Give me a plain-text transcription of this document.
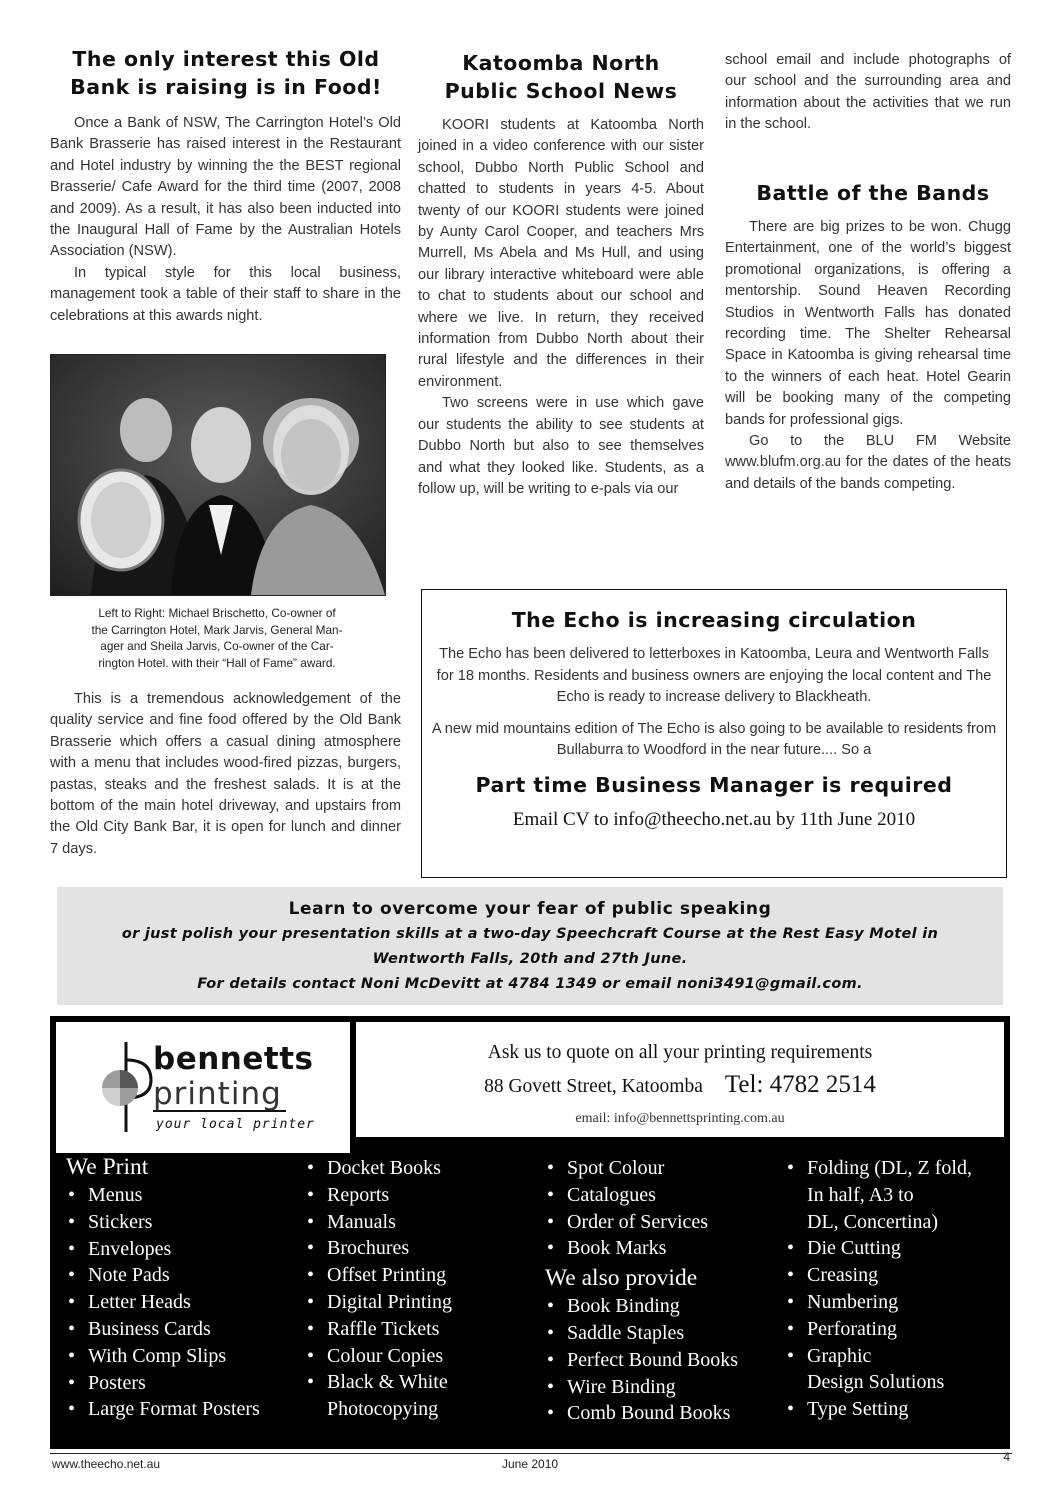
The only interest this Old
Bank is raising is in Food!

Once a Bank of NSW, The Carrington Hotel’s Old Bank Brasserie has raised interest in the Restaurant and Hotel industry by winning the the BEST regional Brasserie/ Cafe Award for the third time (2007, 2008 and 2009). As a result, it has also been inducted into the Inaugural Hall of Fame by the Australian Hotels Association (NSW).

In typical style for this local business, management took a table of their staff to share in the celebrations at this awards night.

Left to Right: Michael Brischetto, Co-owner of
the Carrington Hotel, Mark Jarvis, General Man-
ager and Sheila Jarvis, Co-owner of the Car-
rington Hotel. with their “Hall of Fame” award.

This is a tremendous acknowledgement of the quality service and fine food offered by the Old Bank Brasserie which offers a casual dining atmosphere with a menu that includes wood-fired pizzas, burgers, pastas, steaks and the freshest salads. It is at the bottom of the main hotel driveway, and upstairs from the Old City Bank Bar, it is open for lunch and dinner 7 days.

Katoomba North
Public School News

KOORI students at Katoomba North joined in a video conference with our sister school, Dubbo North Public School and chatted to students in years 4-5. About twenty of our KOORI students were joined by Aunty Carol Cooper, and teachers Mrs Murrell, Ms Abela and Ms Hull, and using our library interactive whiteboard were able to chat to students about our school and where we live. In return, they received information from Dubbo North about their rural lifestyle and the differences in their environment.

Two screens were in use which gave our students the ability to see students at Dubbo North but also to see themselves and what they looked like. Students, as a follow up, will be writing to e-pals via our

school email and include photographs of our school and the surrounding area and information about the activities that we run in the school.

Battle of the Bands

There are big prizes to be won. Chugg Entertainment, one of the world’s biggest promotional organizations, is offering a mentorship. Sound Heaven Recording Studios in Wentworth Falls has donated recording time. The Shelter Rehearsal Space in Katoomba is giving rehearsal time to the winners of each heat. Hotel Gearin will be booking many of the competing bands for professional gigs.

Go to the BLU FM Website www.blufm.org.au for the dates of the heats and details of the bands competing.

The Echo is increasing circulation

The Echo has been delivered to letterboxes in Katoomba, Leura and Wentworth Falls for 18 months. Residents and business owners are enjoying the local content and The Echo is ready to increase delivery to Blackheath.

A new mid mountains edition of The Echo is also going to be available to residents from Bullaburra to Woodford in the near future.... So a

Part time Business Manager is required
Email CV to info@theecho.net.au by 11th June 2010
Learn to overcome your fear of public speaking
or just polish your presentation skills at a two-day Speechcraft Course at the Rest Easy Motel in
Wentworth Falls, 20th and 27th June.
For details contact Noni McDevitt at 4784 1349 or email noni3491@gmail.com.
bennetts
printing
your local printer
Ask us to quote on all your printing requirements
88 Govett Street, Katoomba Tel: 4782 2514
email: info@bennettsprinting.com.au
We Print
• Menus
• Stickers
• Envelopes
• Note Pads
• Letter Heads
• Business Cards
• With Comp Slips
• Posters
• Large Format Posters
• Docket Books
• Reports
• Manuals
• Brochures
• Offset Printing
• Digital Printing
• Raffle Tickets
• Colour Copies
• Black & White
Photocopying
• Spot Colour
• Catalogues
• Order of Services
• Book Marks
We also provide
• Book Binding
• Saddle Staples
• Perfect Bound Books
• Wire Binding
• Comb Bound Books
• Folding (DL, Z fold,
In half, A3 to
DL, Concertina)
• Die Cutting
• Creasing
• Numbering
• Perforating
• Graphic
Design Solutions
• Type Setting
www.theecho.net.au	June 2010	4
